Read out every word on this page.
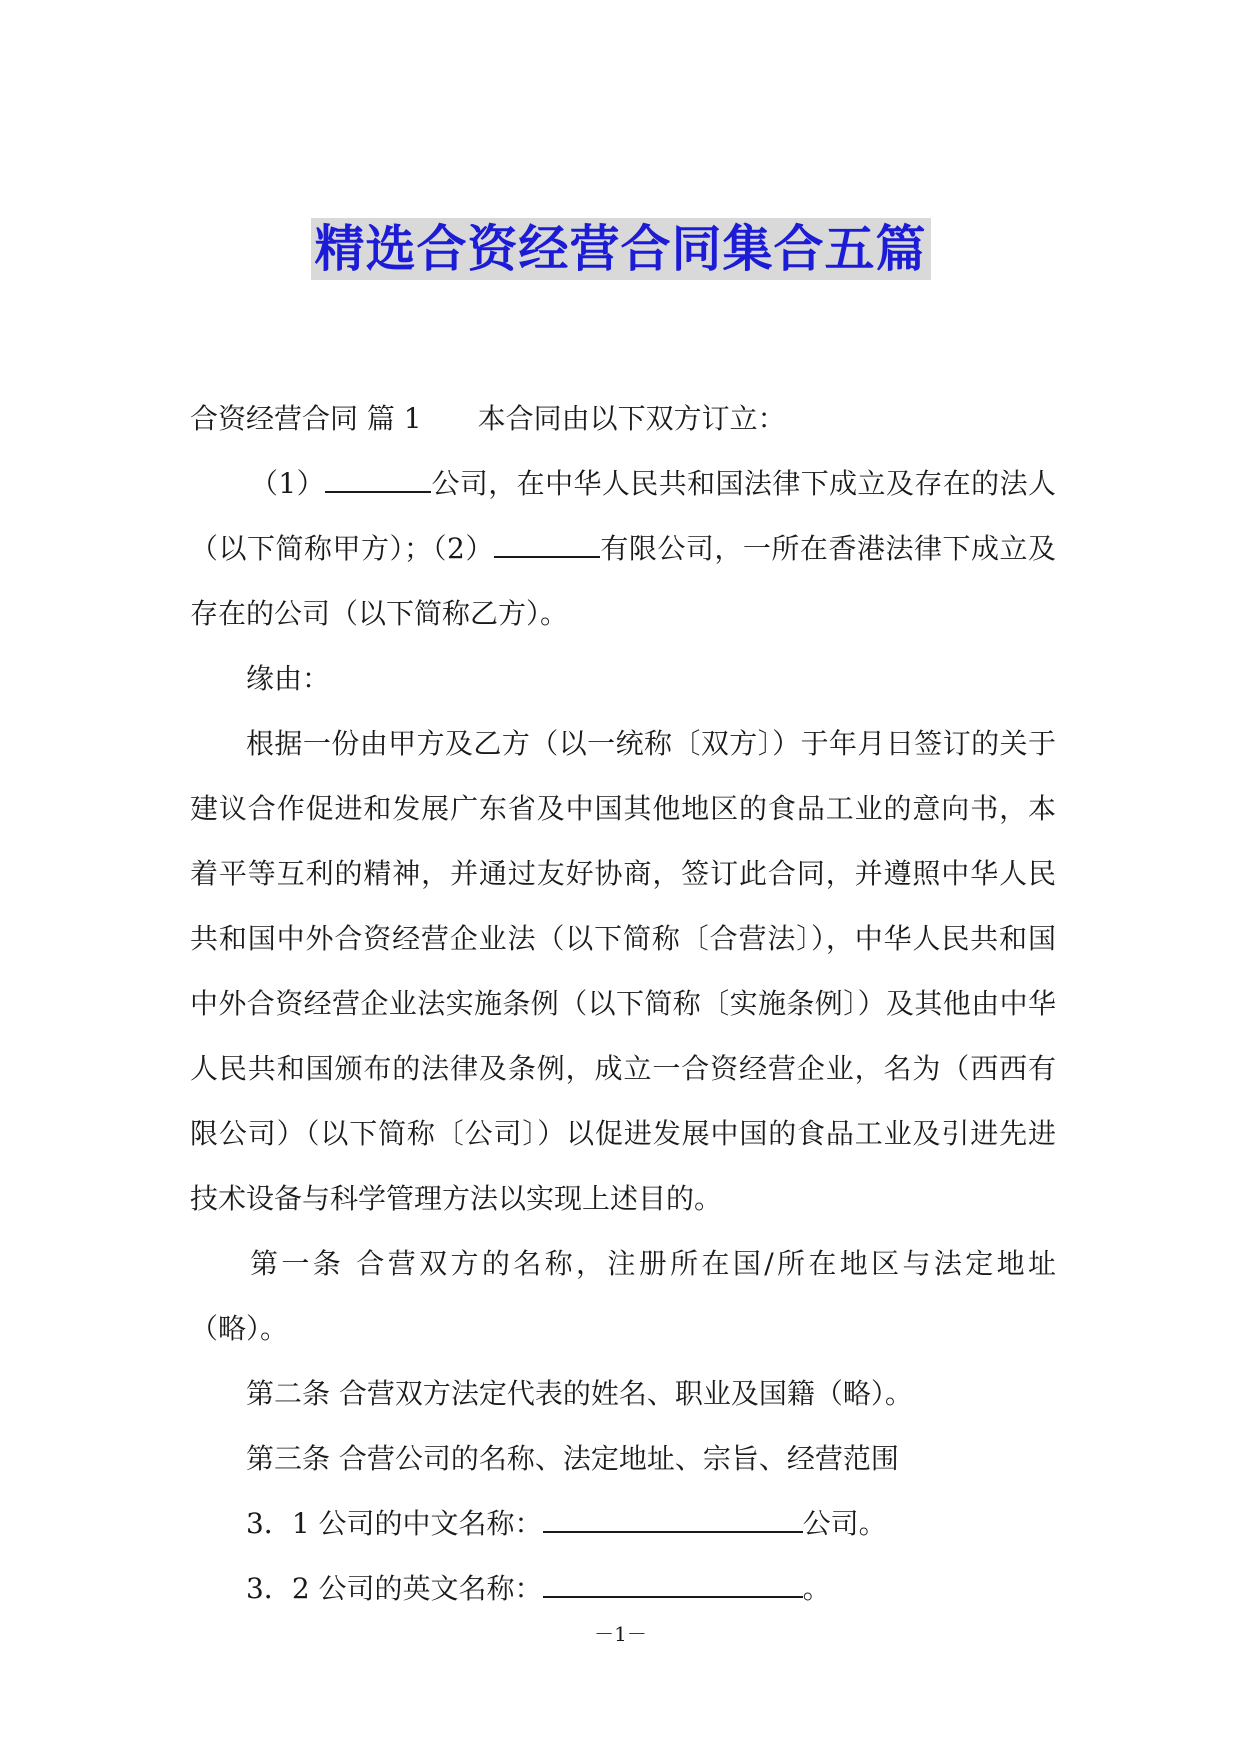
精选合资经营合同集合五篇

合资经营合同 篇 1 本合同由以下双方订立：

（1）	公司，在中华人民共和国法律下成立及存在的法人（以下简称甲方）；（2）	有限公司，一所在香港法律下成立及存在的公司（以下简称乙方）。

缘由：

根据一份由甲方及乙方（以一统称〔双方〕）于年月日签订的关于建议合作促进和发展广东省及中国其他地区的食品工业的意向书，本着平等互利的精神，并通过友好协商，签订此合同，并遵照中华人民共和国中外合资经营企业法（以下简称〔合营法〕），中华人民共和国中外合资经营企业法实施条例（以下简称〔实施条例〕）及其他由中华人民共和国颁布的法律及条例，成立一合资经营企业，名为（西西有限公司）（以下简称〔公司〕）以促进发展中国的食品工业及引进先进技术设备与科学管理方法以实现上述目的。

第一条 合营双方的名称，注册所在国/所在地区与法定地址（略）。

第二条 合营双方法定代表的姓名、职业及国籍（略）。

第三条 合营公司的名称、法定地址、宗旨、经营范围

3．1 公司的中文名称：	公司。

3．2 公司的英文名称：	。

－1－
